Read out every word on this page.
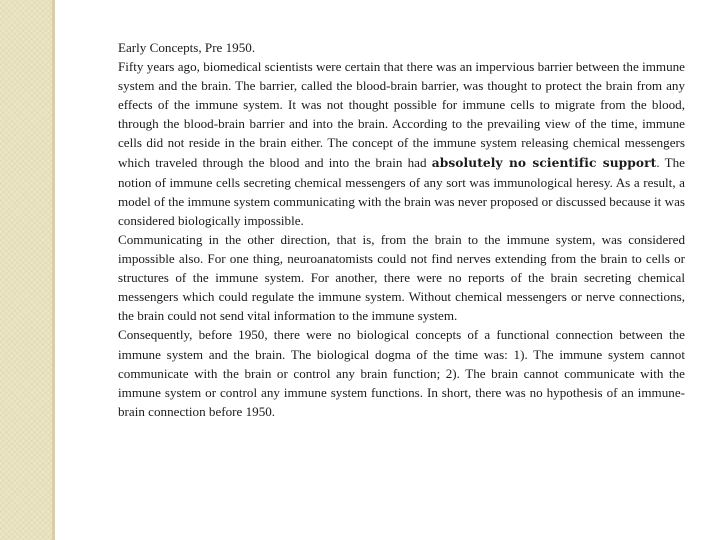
Early Concepts, Pre 1950.

Fifty years ago, biomedical scientists were certain that there was an impervious barrier between the immune system and the brain. The barrier, called the blood-brain barrier, was thought to protect the brain from any effects of the immune system. It was not thought possible for immune cells to migrate from the blood, through the blood-brain barrier and into the brain. According to the prevailing view of the time, immune cells did not reside in the brain either. The concept of the immune system releasing chemical messengers which traveled through the blood and into the brain had absolutely no scientific support. The notion of immune cells secreting chemical messengers of any sort was immunological heresy. As a result, a model of the immune system communicating with the brain was never proposed or discussed because it was considered biologically impossible.

Communicating in the other direction, that is, from the brain to the immune system, was considered impossible also. For one thing, neuroanatomists could not find nerves extending from the brain to cells or structures of the immune system. For another, there were no reports of the brain secreting chemical messengers which could regulate the immune system. Without chemical messengers or nerve connections, the brain could not send vital information to the immune system.

Consequently, before 1950, there were no biological concepts of a functional connection between the immune system and the brain. The biological dogma of the time was: 1). The immune system cannot communicate with the brain or control any brain function; 2). The brain cannot communicate with the immune system or control any immune system functions. In short, there was no hypothesis of an immune-brain connection before 1950.
